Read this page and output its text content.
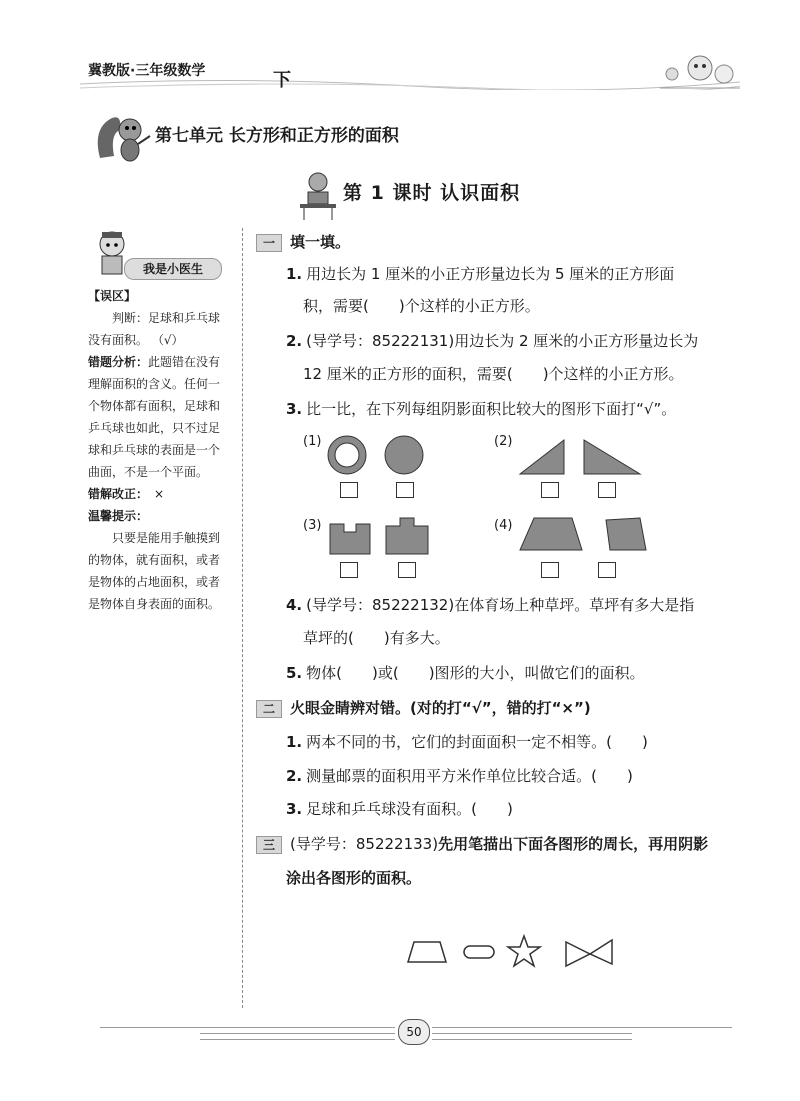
冀教版·三年级数学	下
第七单元 长方形和正方形的面积
第 1 课时 认识面积
我是小医生

【误区】

判断：足球和乒乓球没有面积。 （√）

错题分析：此题错在没有理解面积的含义。任何一个物体都有面积，足球和乒乓球也如此，只不过足球和乒乓球的表面是一个曲面，不是一个平面。

错解改正： ×

温馨提示：

只要是能用手触摸到的物体，就有面积，或者是物体的占地面积，或者是物体自身表面的面积。

一 填一填。
1. 用边长为 1 厘米的小正方形量边长为 5 厘米的正方形面
积，需要(　　)个这样的小正方形。
2. (导学号：85222131)用边长为 2 厘米的小正方形量边长为
12 厘米的正方形的面积，需要(　　)个这样的小正方形。
3. 比一比，在下列每组阴影面积比较大的图形下面打“√”。
(1)	(2)
(3)	(4)
4. (导学号：85222132)在体育场上种草坪。草坪有多大是指
草坪的(　　)有多大。
5. 物体(　　)或(　　)图形的大小，叫做它们的面积。
二 火眼金睛辨对错。(对的打“√”，错的打“×”)
1. 两本不同的书，它们的封面面积一定不相等。(　　)
2. 测量邮票的面积用平方米作单位比较合适。(　　)
3. 足球和乒乓球没有面积。(　　)
三 (导学号：85222133)先用笔描出下面各图形的周长，再用阴影
涂出各图形的面积。
50
